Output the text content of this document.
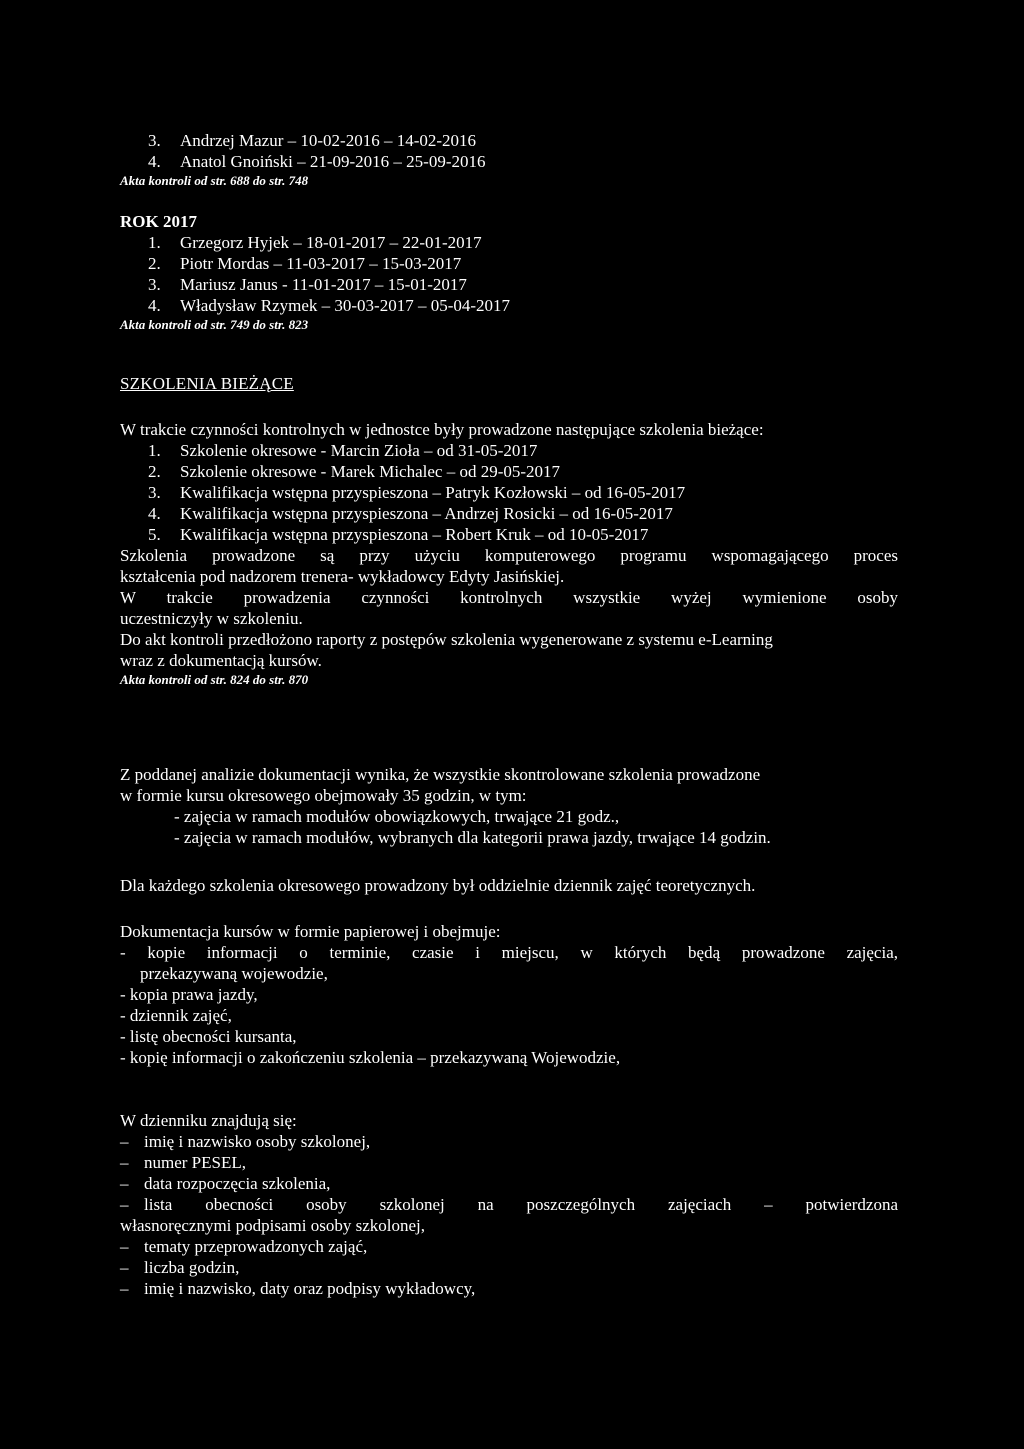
3. Andrzej Mazur – 10-02-2016 – 14-02-2016
4. Anatol Gnoiński – 21-09-2016 – 25-09-2016
Akta kontroli od str. 688 do str. 748
ROK 2017
1. Grzegorz Hyjek – 18-01-2017 – 22-01-2017
2. Piotr Mordas – 11-03-2017 – 15-03-2017
3. Mariusz Janus - 11-01-2017 – 15-01-2017
4. Władysław Rzymek – 30-03-2017 – 05-04-2017
Akta kontroli od str. 749 do str. 823
SZKOLENIA BIEŻĄCE
W trakcie czynności kontrolnych w jednostce były prowadzone następujące szkolenia bieżące:
1. Szkolenie okresowe - Marcin Zioła – od 31-05-2017
2. Szkolenie okresowe - Marek Michalec – od 29-05-2017
3. Kwalifikacja wstępna przyspieszona – Patryk Kozłowski – od 16-05-2017
4. Kwalifikacja wstępna przyspieszona – Andrzej Rosicki – od 16-05-2017
5. Kwalifikacja wstępna przyspieszona – Robert Kruk – od 10-05-2017
Szkolenia prowadzone są przy użyciu komputerowego programu wspomagającego proces
kształcenia pod nadzorem trenera- wykładowcy Edyty Jasińskiej.
W trakcie prowadzenia czynności kontrolnych wszystkie wyżej wymienione osoby
uczestniczyły w szkoleniu.
Do akt kontroli przedłożono raporty z postępów szkolenia wygenerowane z systemu e-Learning
wraz z dokumentacją kursów.
Akta kontroli od str. 824 do str. 870
Z poddanej analizie dokumentacji wynika, że wszystkie skontrolowane szkolenia prowadzone
w formie kursu okresowego obejmowały 35 godzin, w tym:
- zajęcia w ramach modułów obowiązkowych, trwające 21 godz.,
- zajęcia w ramach modułów, wybranych dla kategorii prawa jazdy, trwające 14 godzin.
Dla każdego szkolenia okresowego prowadzony był oddzielnie dziennik zajęć teoretycznych.
Dokumentacja kursów w formie papierowej i obejmuje:
- kopie informacji o terminie, czasie i miejscu, w których będą prowadzone zajęcia,
przekazywaną wojewodzie,
- kopia prawa jazdy,
- dziennik zajęć,
- listę obecności kursanta,
- kopię informacji o zakończeniu szkolenia – przekazywaną Wojewodzie,
W dzienniku znajdują się:
– imię i nazwisko osoby szkolonej,
– numer PESEL,
– data rozpoczęcia szkolenia,
– lista obecności osoby szkolonej na poszczególnych zajęciach – potwierdzona
własnoręcznymi podpisami osoby szkolonej,
– tematy przeprowadzonych zająć,
– liczba godzin,
– imię i nazwisko, daty oraz podpisy wykładowcy,
